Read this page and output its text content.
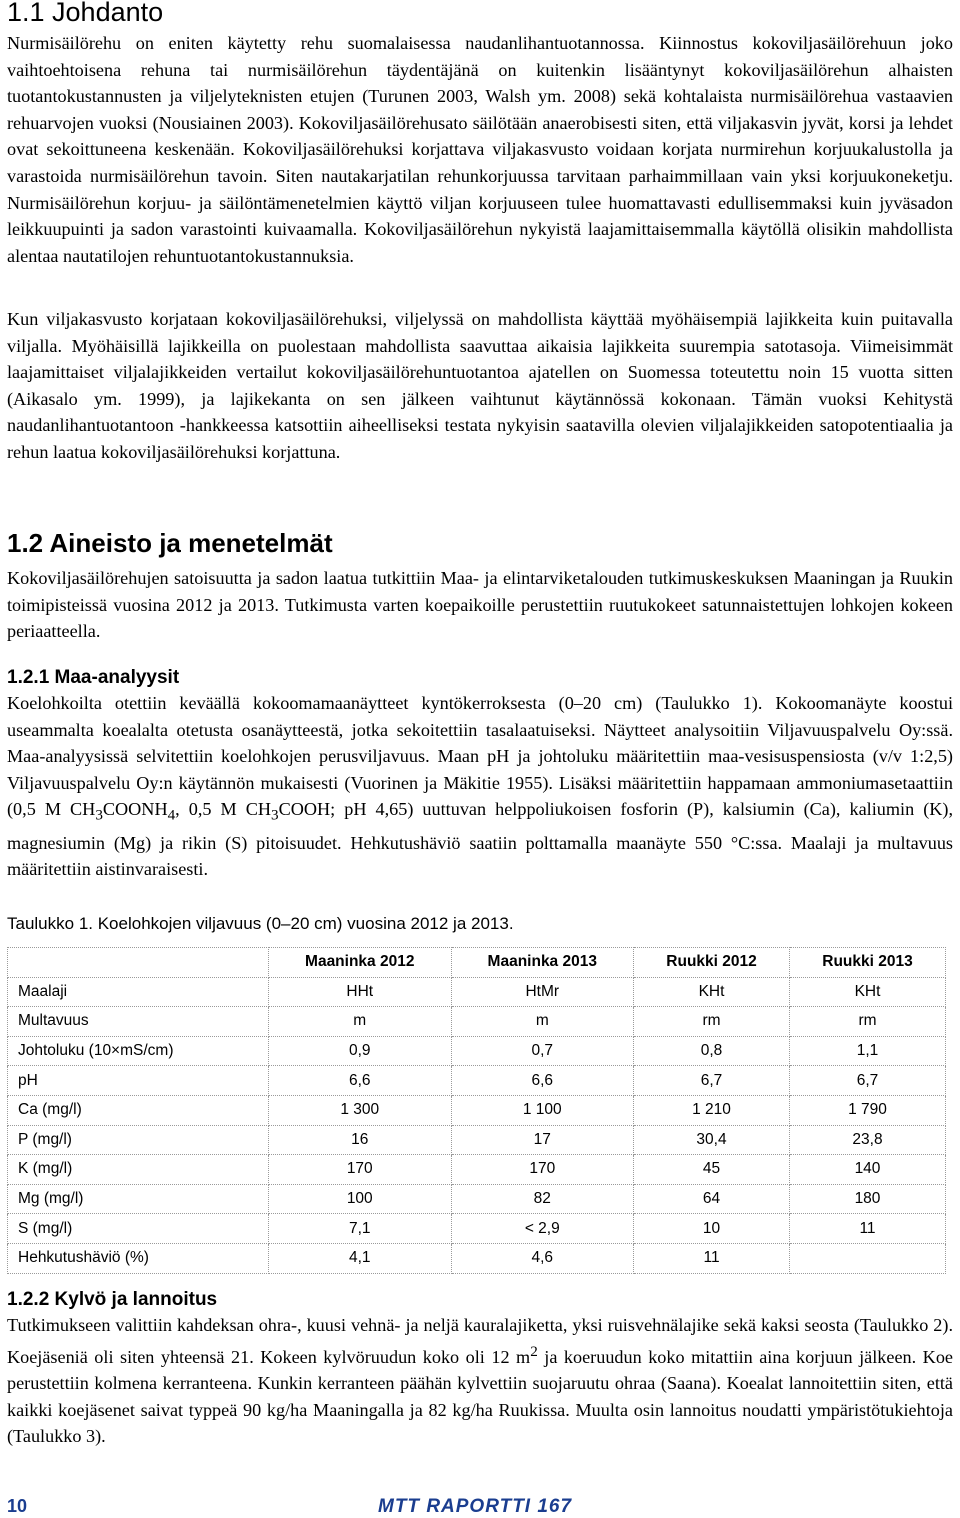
1.1 Johdanto

Nurmisäilörehu on eniten käytetty rehu suomalaisessa naudanlihantuotannossa. Kiinnostus kokoviljasäilörehuun joko vaihtoehtoisena rehuna tai nurmisäilörehun täydentäjänä on kuitenkin lisääntynyt kokoviljasäilörehun alhaisten tuotantokustannusten ja viljelyteknisten etujen (Turunen 2003, Walsh ym. 2008) sekä kohtalaista nurmisäilörehua vastaavien rehuarvojen vuoksi (Nousiainen 2003). Kokoviljasäilörehusato säilötään anaerobisesti siten, että viljakasvin jyvät, korsi ja lehdet ovat sekoittuneena keskenään. Kokoviljasäilörehuksi korjattava viljakasvusto voidaan korjata nurmirehun korjuukalustolla ja varastoida nurmisäilörehun tavoin. Siten nautakarjatilan rehunkorjuussa tarvitaan parhaimmillaan vain yksi korjuukoneketju. Nurmisäilörehun korjuu- ja säilöntämenetelmien käyttö viljan korjuuseen tulee huomattavasti edullisemmaksi kuin jyväsadon leikkuupuinti ja sadon varastointi kuivaamalla. Kokoviljasäilörehun nykyistä laajamittaisemmalla käytöllä olisikin mahdollista alentaa nautatilojen rehuntuotantokustannuksia.

Kun viljakasvusto korjataan kokoviljasäilörehuksi, viljelyssä on mahdollista käyttää myöhäisempiä lajikkeita kuin puitavalla viljalla. Myöhäisillä lajikkeilla on puolestaan mahdollista saavuttaa aikaisia lajikkeita suurempia satotasoja. Viimeisimmät laajamittaiset viljalajikkeiden vertailut kokoviljasäilörehuntuotantoa ajatellen on Suomessa toteutettu noin 15 vuotta sitten (Aikasalo ym. 1999), ja lajikekanta on sen jälkeen vaihtunut käytännössä kokonaan. Tämän vuoksi Kehitystä naudanlihantuotantoon -hankkeessa katsottiin aiheelliseksi testata nykyisin saatavilla olevien viljalajikkeiden satopotentiaalia ja rehun laatua kokoviljasäilörehuksi korjattuna.

1.2 Aineisto ja menetelmät

Kokoviljasäilörehujen satoisuutta ja sadon laatua tutkittiin Maa- ja elintarviketalouden tutkimuskeskuksen Maaningan ja Ruukin toimipisteissä vuosina 2012 ja 2013. Tutkimusta varten koepaikoille perustettiin ruutukokeet satunnaistettujen lohkojen kokeen periaatteella.

1.2.1 Maa-analyysit

Koelohkoilta otettiin keväällä kokoomamaanäytteet kyntökerroksesta (0–20 cm) (Taulukko 1). Kokoomanäyte koostui useammalta koealalta otetusta osanäytteestä, jotka sekoitettiin tasalaatuiseksi. Näytteet analysoitiin Viljavuuspalvelu Oy:ssä. Maa-analyysissä selvitettiin koelohkojen perusviljavuus. Maan pH ja johtoluku määritettiin maa-vesisuspensiosta (v/v 1:2,5) Viljavuuspalvelu Oy:n käytännön mukaisesti (Vuorinen ja Mäkitie 1955). Lisäksi määritettiin happamaan ammoniumasetaattiin (0,5 M $CH_3COONH_4$, 0,5 M $CH_3COOH$; pH 4,65) uuttuvan helppoliukoisen fosforin (P), kalsiumin (Ca), kaliumin (K), magnesiumin (Mg) ja rikin (S) pitoisuudet. Hehkutushäviö saatiin polttamalla maanäyte 550 °C:ssa. Maalaji ja multavuus määritettiin aistinvaraisesti.

Taulukko 1. Koelohkojen viljavuus (0–20 cm) vuosina 2012 ja 2013.
	Maaninka 2012	Maaninka 2013	Ruukki 2012	Ruukki 2013
Maalaji	HHt	HtMr	KHt	KHt
Multavuus	m	m	rm	rm
Johtoluku (10×mS/cm)	0,9	0,7	0,8	1,1
pH	6,6	6,6	6,7	6,7
Ca (mg/l)	1 300	1 100	1 210	1 790
P (mg/l)	16	17	30,4	23,8
K (mg/l)	170	170	45	140
Mg (mg/l)	100	82	64	180
S (mg/l)	7,1	< 2,9	10	11
Hehkutushäviö (%)	4,1	4,6	11	
1.2.2 Kylvö ja lannoitus

Tutkimukseen valittiin kahdeksan ohra-, kuusi vehnä- ja neljä kauralajiketta, yksi ruisvehnälajike sekä kaksi seosta (Taulukko 2). Koejäseniä oli siten yhteensä 21. Kokeen kylvöruudun koko oli 12 $m^2$ ja koeruudun koko mitattiin aina korjuun jälkeen. Koe perustettiin kolmena kerranteena. Kunkin kerranteen päähän kylvettiin suojaruutu ohraa (Saana). Koealat lannoitettiin siten, että kaikki koejäsenet saivat typpeä 90 kg/ha Maaningalla ja 82 kg/ha Ruukissa. Muulta osin lannoitus noudatti ympäristötukiehtoja (Taulukko 3).

10	MTT RAPORTTI 167
